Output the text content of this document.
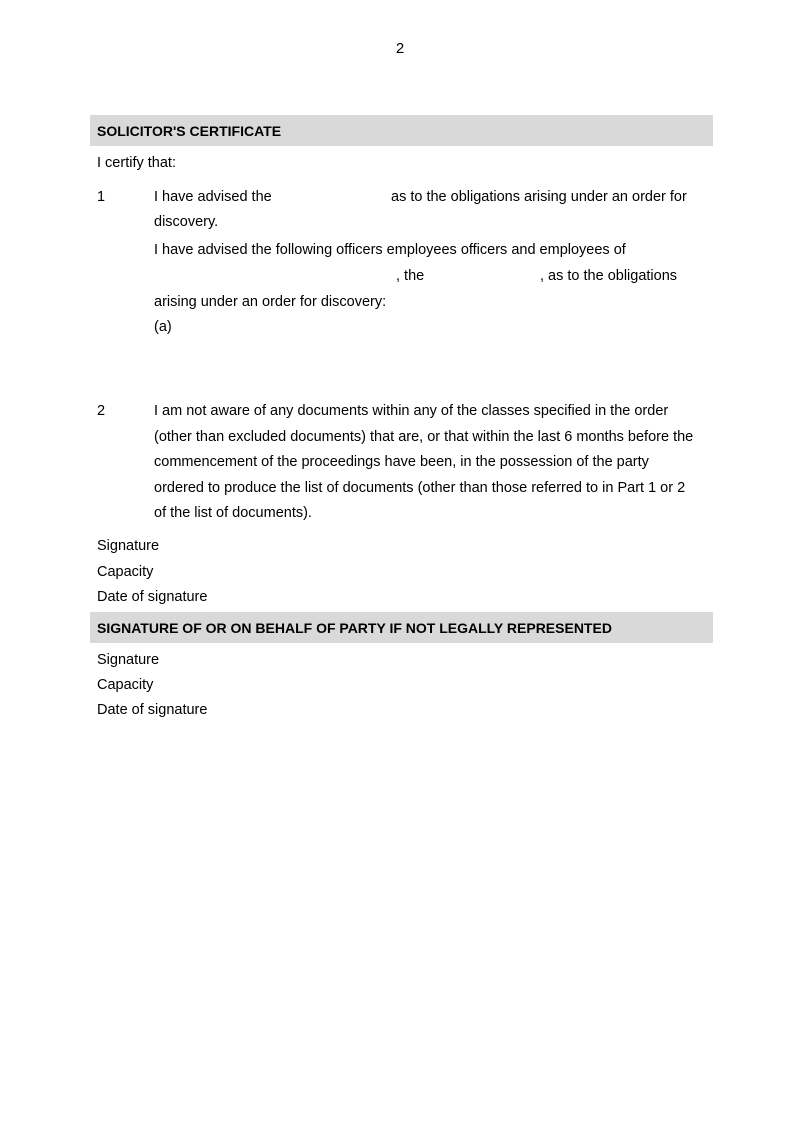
2
SOLICITOR'S CERTIFICATE
I certify that:
1	I have advised the	as to the obligations arising under an order for
discovery.
I have advised the following officers employees officers and employees of
, the	, as to the obligations
arising under an order for discovery:
(a)
2	I am not aware of any documents within any of the classes specified in the order
(other than excluded documents) that are, or that within the last 6 months before the
commencement of the proceedings have been, in the possession of the party
ordered to produce the list of documents (other than those referred to in Part 1 or 2
of the list of documents).
Signature
Capacity
Date of signature
SIGNATURE OF OR ON BEHALF OF PARTY IF NOT LEGALLY REPRESENTED
Signature
Capacity
Date of signature
